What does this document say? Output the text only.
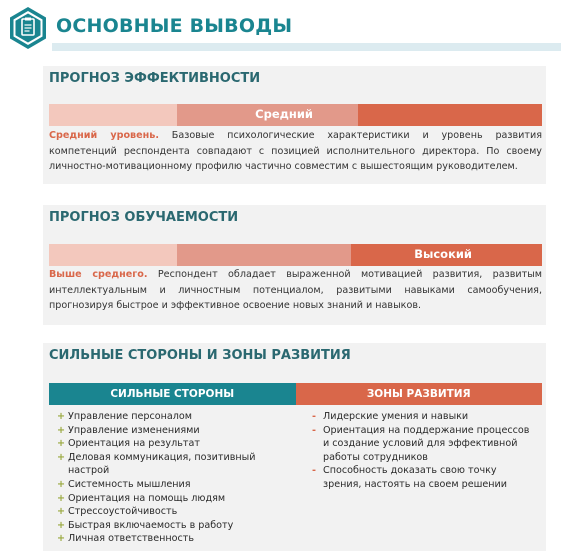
ОСНОВНЫЕ ВЫВОДЫ
ПРОГНОЗ ЭФФЕКТИВНОСТИ
Средний
Средний уровень. Базовые психологические характеристики и уровень развития компетенций респондента совпадают с позицией исполнительного директора. По своему личностно-мотивационному профилю частично совместим с вышестоящим руководителем.
ПРОГНОЗ ОБУЧАЕМОСТИ
Высокий
Выше среднего. Респондент обладает выраженной мотивацией развития, развитым интеллектуальным и личностным потенциалом, развитыми навыками самообучения, прогнозируя быстрое и эффективное освоение новых знаний и навыков.
СИЛЬНЫЕ СТОРОНЫ И ЗОНЫ РАЗВИТИЯ
СИЛЬНЫЕ СТОРОНЫ	ЗОНЫ РАЗВИТИЯ
+ Управление персоналом
+ Управление изменениями
+ Ориентация на результат
+ Деловая коммуникация, позитивный настрой
+ Системность мышления
+ Ориентация на помощь людям
+ Стрессоустойчивость
+ Быстрая включаемость в работу
+ Личная ответственность
- Лидерские умения и навыки
- Ориентация на поддержание процессов и создание условий для эффективной работы сотрудников
- Способность доказать свою точку зрения, настоять на своем решении
